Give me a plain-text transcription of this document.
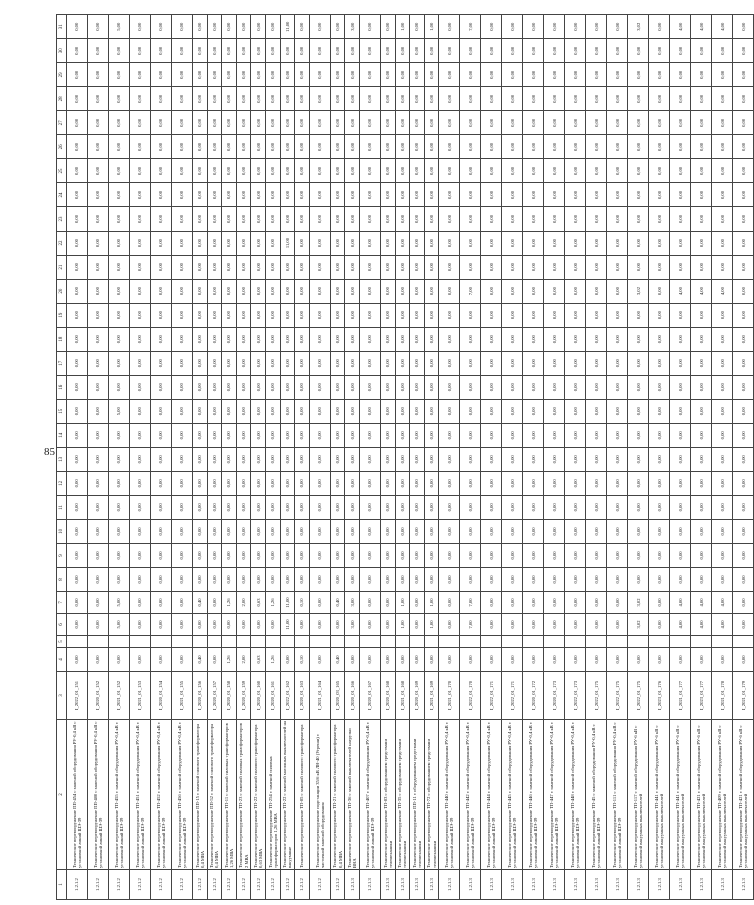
85
1	2	3	4	5	6	7	8	9	10	11	12	13	14	15	16	17	18	19	20	21	22	23	24	25	26	27	28	29	30	31
1.2.1.2	Техническое перевооружение ПП-454 с заменой оборудования РУ-0,4 кВ с установкой линий ШЭ-39	I_2022_01_151	0,00		0,00	0,00	0,00	0,00	0,00	0,00	0,00	0,00	0,00	0,00	0,00	0,00	0,00	0,00	0,00	0,00	0,00	0,00	0,00	0,00	0,00	0,00	0,00	0,00	0,00	0,00
1.2.1.2	Техническое перевооружение ПП-480 с заменой оборудования РУ-0,4 кВ с установкой линий ШЭ-39	I_2020_01_152	0,00		0,00	0,00	0,00	0,00	0,00	0,00	0,00	0,00	0,00	0,00	0,00	0,00	0,00	0,00	0,00	0,00	0,00	0,00	0,00	0,00	0,00	0,00	0,00	0,00	0,00	0,00
1.2.1.2	Техническое перевооружение ТП-455 с заменой оборудования РУ-0,4 кВ с установкой линий ШЭ-39	I_2021_01_152	0,00		5,00	5,00	0,00	0,00	0,00	0,00	0,00	0,00	0,00	5,00	0,00	0,00	0,00	0,00	0,00	0,00	0,00	0,00	0,00	0,00	0,00	0,00	0,00	0,00	0,00	5,00
1.2.1.2	Техническое перевооружение ТП-451 с заменой оборудования РУ-0,4 кВ с установкой линий ШЭ-39	I_2021_01_153	0,00		0,00	0,00	0,00	0,00	0,00	0,00	0,00	0,00	0,00	0,00	0,00	0,00	0,00	0,00	0,00	0,00	0,00	0,00	0,00	0,00	0,00	0,00	0,00	0,00	0,00	0,00
1.2.1.2	Техническое перевооружение ТП-452 с заменой оборудования РУ-0,4 кВ с установкой линий ШЭ-39	I_2020_01_154	0,00		0,00	0,00	0,00	0,00	0,00	0,00	0,00	0,00	0,00	0,00	0,00	0,00	0,00	0,00	0,00	0,00	0,00	0,00	0,00	0,00	0,00	0,00	0,00	0,00	0,00	0,00
1.2.1.2	Техническое перевооружение ТП-456 с заменой оборудования РУ-0,4 кВ с установкой линий ШЭ-39	I_2021_01_155	0,00		0,00	0,00	0,00	0,00	0,00	0,00	0,00	0,00	0,00	0,00	0,00	0,00	0,00	0,00	0,00	0,00	0,00	0,00	0,00	0,00	0,00	0,00	0,00	0,00	0,00	0,00
1.2.1.2	Техническое перевооружение ПП-15 с заменой силового трансформатора 0,4 МВА	I_2020_01_156	0,40		0,00	0,40	0,00	0,00	0,00	0,00	0,00	0,00	0,00	0,00	0,00	0,00	0,00	0,00	0,00	0,00	0,00	0,00	0,00	0,00	0,00	0,00	0,00	0,00	0,00	0,00
1.2.1.2	Техническое перевооружение ПП-52 с заменой силового трансформатора 0,4 МВА	I_2020_01_157	0,00		0,00	0,00	0,00	0,00	0,00	0,00	0,00	0,00	0,00	0,00	0,00	0,00	0,00	0,00	0,00	0,00	0,00	0,00	0,00	0,00	0,00	0,00	0,00	0,00	0,00	0,00
1.2.1.2	Техническое перевооружение ТП-11 с заменой силовых трансформаторов 1,26 МВА	I_2020_01_158	1,26		0,00	1,26	0,00	0,00	0,00	0,00	0,00	0,00	0,00	0,00	0,00	0,00	0,00	0,00	0,00	0,00	0,00	0,00	0,00	0,00	0,00	0,00	0,00	0,00	0,00	0,00
1.2.1.2	Техническое перевооружение ТП-23 с заменой силовых трансформаторов 2 МВА	I_2020_01_159	2,00		0,00	2,00	0,00	0,00	0,00	0,00	0,00	0,00	0,00	0,00	0,00	0,00	0,00	0,00	0,00	0,00	0,00	0,00	0,00	0,00	0,00	0,00	0,00	0,00	0,00	0,00
1.2.1.2	Техническое перевооружение ТП-22 с заменой силового трансформатора 0,63 МВА	I_2020_01_160	0,63		0,00	0,63	0,00	0,00	0,00	0,00	0,00	0,00	0,00	0,00	0,00	0,00	0,00	0,00	0,00	0,00	0,00	0,00	0,00	0,00	0,00	0,00	0,00	0,00	0,00	0,00
1.2.1.2	Техническое перевооружение ТП-254 с заменой силовых трансформаторов 1,26 МВА	I_2020_01_161	1,26		0,00	1,26	0,00	0,00	0,00	0,00	0,00	0,00	0,00	0,00	0,00	0,00	0,00	0,00	0,00	0,00	0,00	0,00	0,00	0,00	0,00	0,00	0,00	0,00	0,00	0,00
1.2.1.2	Техническое перевооружение ТП-22 с заменой масляных выключателей на вакуумные	I_2022_01_162	0,00		11,00	11,00	0,00	0,00	0,00	0,00	0,00	0,00	0,00	0,00	0,00	0,00	0,00	0,00	0,00	0,00	11,00	0,00	0,00	0,00	0,00	0,00	0,00	0,00	0,00	11,00
1.2.1.2	Техническое перевооружение ТП-85 с заменой силового трансформатора	I_2020_01_163	0,10		0,00	0,10	0,00	0,00	0,00	0,00	0,00	0,00	0,00	0,00	0,00	0,00	0,00	0,00	0,00	0,00	0,00	0,00	0,00	0,00	0,00	0,00	0,00	0,00	0,00	0,00
1.2.1.2	Техническое перевооружение подстанции 35/6 кВ ЛН-40 (Угреши) с частичной заменой оборудования	I_2021_01_164	0,00		0,00	0,00	0,00	0,00	0,00	0,00	0,00	0,00	0,00	0,00	0,00	0,00	0,00	0,00	0,00	0,00	0,00	0,00	0,00	0,00	0,00	0,00	0,00	0,00	0,00	0,00
1.2.1.2	Техническое перевооружение ТП-21 с заменой силового трансформатора 0,4 МВА	I_2020_03_165	0,40		0,00	0,40	0,00	0,00	0,00	0,00	0,00	0,00	0,00	0,00	0,00	0,00	0,00	0,00	0,00	0,00	0,00	0,00	0,00	0,00	0,00	0,00	0,00	0,00	0,00	0,00
1.2.1.3	Техническое перевооружение ТП-36 с заменой выключателей нагрузки ВНА	I_2020_01_166	0,00		3,00	3,00	0,00	0,00	0,00	0,00	0,00	0,00	0,00	0,00	0,00	0,00	0,00	0,00	0,00	0,00	0,00	0,00	0,00	0,00	0,00	0,00	0,00	0,00	0,00	3,00
1.2.1.3	Техническое перевооружение ТП-407 с заменой оборудования РУ-0,4 кВ с установкой линий ШЭ-39	I_2020_01_167	0,00		0,00	0,00	0,00	0,00	0,00	0,00	0,00	0,00	0,00	0,00	0,00	0,00	0,00	0,00	0,00	0,00	0,00	0,00	0,00	0,00	0,00	0,00	0,00	0,00	0,00	0,00
1.2.1.3	Техническое перевооружение ТП-83 с оборудованием средствами телемеханики	I_2020_01_168	0,00		0,00	0,00	0,00	0,00	0,00	0,00	0,00	0,00	0,00	0,00	0,00	0,00	0,00	0,00	0,00	0,00	0,00	0,00	0,00	0,00	0,00	0,00	0,00	0,00	0,00	0,00
1.2.1.3	Техническое перевооружение ТП-35 с оборудованием средствами телемеханики	I_2021_01_168	0,00		1,00	1,00	0,00	0,00	0,00	0,00	0,00	0,00	0,00	0,00	0,00	0,00	0,00	0,00	0,00	0,00	0,00	0,00	0,00	0,00	0,00	0,00	0,00	0,00	0,00	1,00
1.2.1.3	Техническое перевооружение ПП-11 с оборудованием средствами телемеханики	I_2020_01_169	0,00		0,00	0,00	0,00	0,00	0,00	0,00	0,00	0,00	0,00	0,00	0,00	0,00	0,00	0,00	0,00	0,00	0,00	0,00	0,00	0,00	0,00	0,00	0,00	0,00	0,00	0,00
1.2.1.3	Техническое перевооружение ТП-72 с оборудованием средствами телемеханики	I_2021_01_169	0,00		1,00	1,00	0,00	0,00	0,00	0,00	0,00	0,00	0,00	0,00	0,00	0,00	0,00	0,00	0,00	0,00	0,00	0,00	0,00	0,00	0,00	0,00	0,00	0,00	0,00	1,00
1.2.1.3	Техническое перевооружение ТП-440 с заменой оборудования РУ-0,4 кВ с установкой линий ШЭ-39	I_2021_01_170	0,00		0,00	0,00	0,00	0,00	0,00	0,00	0,00	0,00	0,00	0,00	0,00	0,00	0,00	0,00	0,00	0,00	0,00	0,00	0,00	0,00	0,00	0,00	0,00	0,00	0,00	0,00
1.2.1.3	Техническое перевооружение ТП-442 с заменой оборудования РУ-0,4 кВ с установкой линий ШЭ-39	I_2022_01_170	0,00		7,00	7,00	0,00	0,00	0,00	0,00	0,00	0,00	0,00	0,00	0,00	0,00	0,00	0,00	7,00	0,00	0,00	0,00	0,00	0,00	0,00	0,00	0,00	0,00	0,00	7,00
1.2.1.3	Техническое перевооружение ТП-444 с заменой оборудования РУ-0,4 кВ с установкой линий ШЭ-39	I_2022_01_171	0,00		0,00	0,00	0,00	0,00	0,00	0,00	0,00	0,00	0,00	0,00	0,00	0,00	0,00	0,00	0,00	0,00	0,00	0,00	0,00	0,00	0,00	0,00	0,00	0,00	0,00	0,00
1.2.1.3	Техническое перевооружение ТП-445 с заменой оборудования РУ-0,4 кВ с установкой линий ШЭ-39	I_2022_01_171	0,00		0,00	0,00	0,00	0,00	0,00	0,00	0,00	0,00	0,00	0,00	0,00	0,00	0,00	0,00	0,00	0,00	0,00	0,00	0,00	0,00	0,00	0,00	0,00	0,00	0,00	0,00
1.2.1.3	Техническое перевооружение ТП-446 с заменой оборудования РУ-0,4 кВ с установкой линий ШЭ-39	I_2020_01_172	0,00		0,00	0,00	0,00	0,00	0,00	0,00	0,00	0,00	0,00	0,00	0,00	0,00	0,00	0,00	0,00	0,00	0,00	0,00	0,00	0,00	0,00	0,00	0,00	0,00	0,00	0,00
1.2.1.3	Техническое перевооружение ТП-447 с заменой оборудования РУ-0,4 кВ с установкой линий ШЭ-39	I_2020_01_173	0,00		0,00	0,00	0,00	0,00	0,00	0,00	0,00	0,00	0,00	0,00	0,00	0,00	0,00	0,00	0,00	0,00	0,00	0,00	0,00	0,00	0,00	0,00	0,00	0,00	0,00	0,00
1.2.1.3	Техническое перевооружение ТП-448 с заменой оборудования РУ-0,4 кВ с установкой линий ШЭ-39	I_2022_01_173	0,00		0,00	0,00	0,00	0,00	0,00	0,00	0,00	0,00	0,00	0,00	0,00	0,00	0,00	0,00	0,00	0,00	0,00	0,00	0,00	0,00	0,00	0,00	0,00	0,00	0,00	0,00
1.2.1.3	Техническое перевооружение ТП-45 с заменой оборудования РУ-0,4 кВ с установкой линий ШЭ-39	I_2022_01_175	0,00		0,00	0,00	0,00	0,00	0,00	0,00	0,00	0,00	0,00	0,00	0,00	0,00	0,00	0,00	0,00	0,00	0,00	0,00	0,00	0,00	0,00	0,00	0,00	0,00	0,00	0,00
1.2.1.3	Техническое перевооружение ТП-111 с заменой оборудования РУ-0,4 кВ с установкой линий ШЭ-39	I_2022_01_175	0,00		0,00	0,00	0,00	0,00	0,00	0,00	0,00	0,00	0,00	0,00	0,00	0,00	0,00	0,00	0,00	0,00	0,00	0,00	0,00	0,00	0,00	0,00	0,00	0,00	0,00	0,00
1.2.1.3	Техническое перевооружение ТП-117 с заменой оборудования РУ-6 кВ с установкой вакуумных выключателей	I_2022_01_175	0,00		3,02	3,02	0,00	0,00	0,00	0,00	0,00	0,00	0,00	0,00	0,00	0,00	0,00	0,00	3,02	0,00	0,00	0,00	0,00	0,00	0,00	0,00	0,00	0,00	0,00	3,02
1.2.1.3	Техническое перевооружение ТП-441 с заменой оборудования РУ-6 кВ с установкой вакуумных выключателей	I_2023_01_176	0,00		0,00	0,00	0,00	0,00	0,00	0,00	0,00	0,00	0,00	0,00	0,00	0,00	0,00	0,00	0,00	0,00	0,00	0,00	0,00	0,00	0,00	0,00	0,00	0,00	0,00	0,00
1.2.1.3	Техническое перевооружение ТП-441 с заменой оборудования РУ-6 кВ с установкой вакуумных выключателей	I_2021_01_177	0,00		4,00	4,00	0,00	0,00	0,00	0,00	0,00	0,00	0,00	0,00	0,00	0,00	0,00	0,00	4,00	0,00	0,00	0,00	0,00	0,00	0,00	0,00	0,00	0,00	0,00	4,00
1.2.1.3	Техническое перевооружение ТП-421 с заменой оборудования РУ-6 кВ с установкой вакуумных выключателей	I_2023_01_177	0,00		4,00	4,00	0,00	0,00	0,00	0,00	0,00	0,00	0,00	0,00	0,00	0,00	0,00	0,00	4,00	0,00	0,00	0,00	0,00	0,00	0,00	0,00	0,00	0,00	0,00	4,00
1.2.1.3	Техническое перевооружение ТП-409 с заменой оборудования РУ-6 кВ с установкой вакуумных выключателей	I_2021_01_178	0,00		4,00	4,00	0,00	0,00	0,00	0,00	0,00	0,00	0,00	0,00	0,00	0,00	0,00	0,00	4,00	0,00	0,00	0,00	0,00	0,00	0,00	0,00	0,00	0,00	0,00	4,00
1.2.1.3	Техническое перевооружение ТП-421 с заменой оборудования РУ-6 кВ с установкой вакуумных выключателей	I_2021_01_179	0,00		0,00	0,00	0,00	0,00	0,00	0,00	0,00	0,00	0,00	0,00	0,00	0,00	0,00	0,00	0,00	0,00	0,00	0,00	0,00	0,00	0,00	0,00	0,00	0,00	0,00	0,00
